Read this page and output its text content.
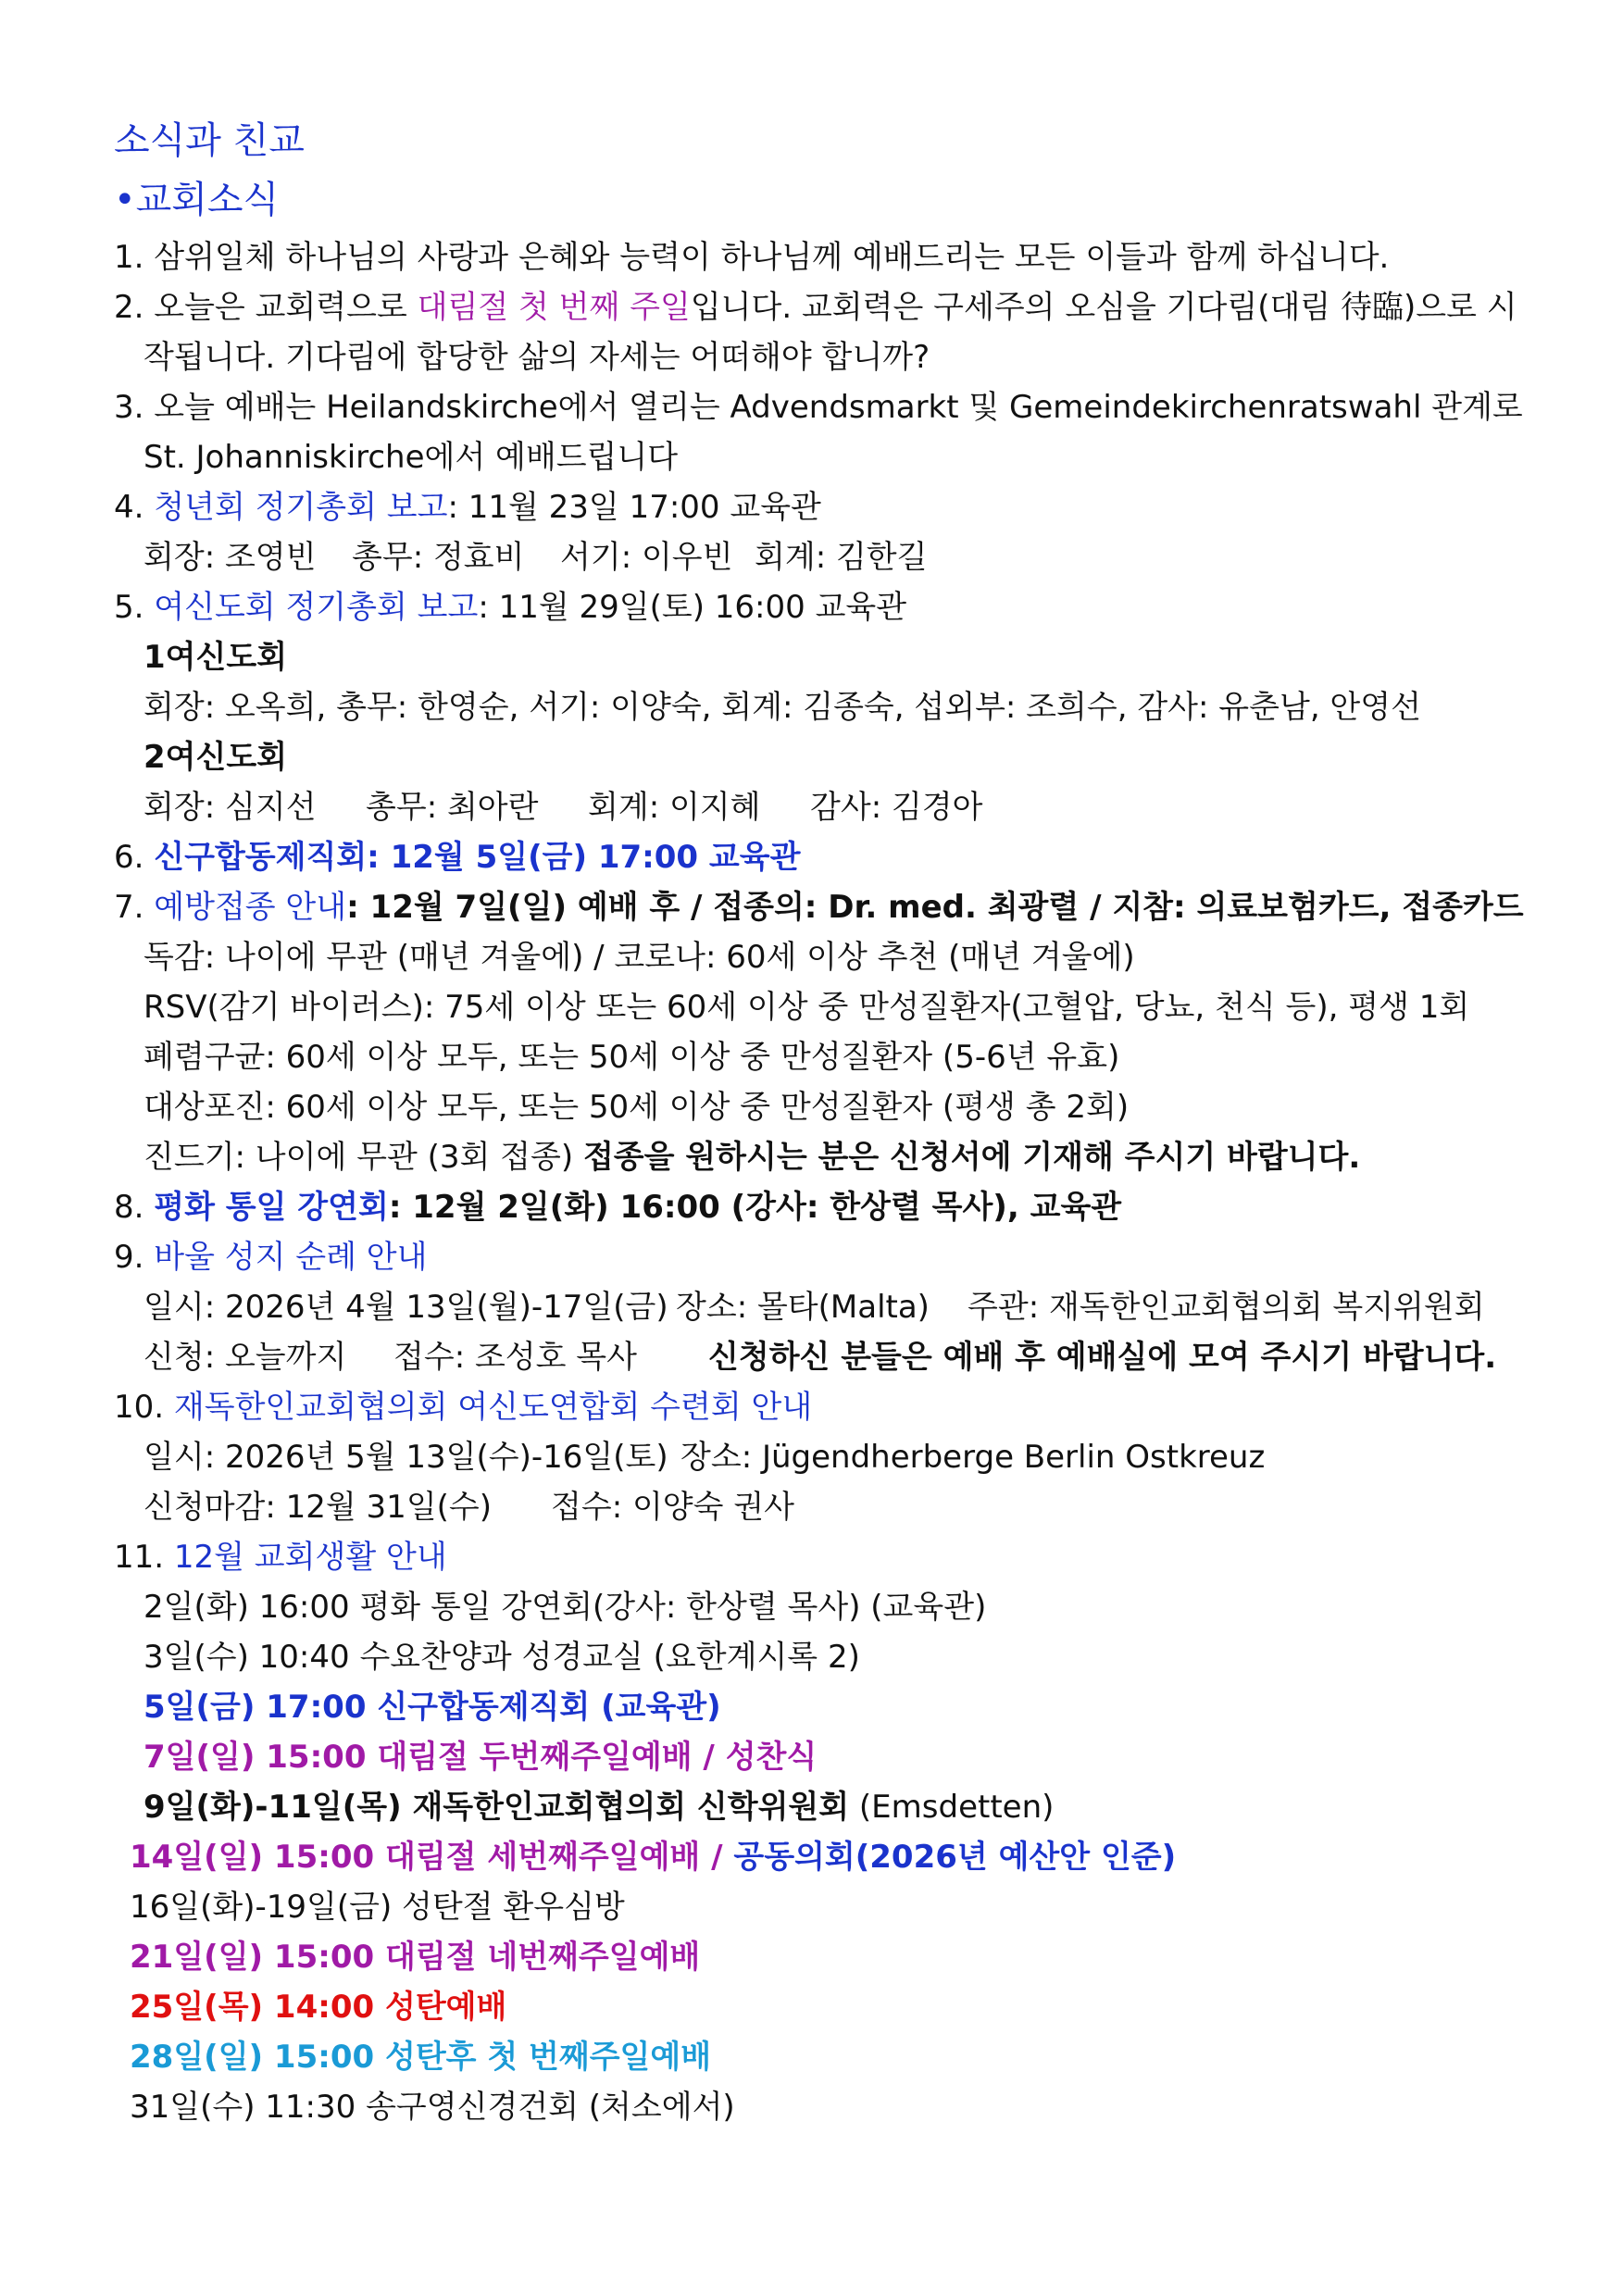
소식과 친교
•교회소식
1. 삼위일체 하나님의 사랑과 은혜와 능력이 하나님께 예배드리는 모든 이들과 함께 하십니다.
2. 오늘은 교회력으로 대림절 첫 번째 주일입니다. 교회력은 구세주의 오심을 기다림(대림 待臨)으로 시
작됩니다. 기다림에 합당한 삶의 자세는 어떠해야 합니까?
3. 오늘 예배는 Heilandskirche에서 열리는 Advendsmarkt 및 Gemeindekirchenratswahl 관계로
St. Johanniskirche에서 예배드립니다
4. 청년회 정기총회 보고: 11월 23일 17:00 교육관
회장: 조영빈 총무: 정효비 서기: 이우빈 회계: 김한길
5. 여신도회 정기총회 보고: 11월 29일(토) 16:00 교육관
1여신도회
회장: 오옥희, 총무: 한영순, 서기: 이양숙, 회계: 김종숙, 섭외부: 조희수, 감사: 유춘남, 안영선
2여신도회
회장: 심지선 총무: 최아란 회계: 이지혜 감사: 김경아
6. 신구합동제직회: 12월 5일(금) 17:00 교육관
7. 예방접종 안내: 12월 7일(일) 예배 후 / 접종의: Dr. med. 최광렬 / 지참: 의료보험카드, 접종카드
독감: 나이에 무관 (매년 겨울에) / 코로나: 60세 이상 추천 (매년 겨울에)
RSV(감기 바이러스): 75세 이상 또는 60세 이상 중 만성질환자(고혈압, 당뇨, 천식 등), 평생 1회
폐렴구균: 60세 이상 모두, 또는 50세 이상 중 만성질환자 (5-6년 유효)
대상포진: 60세 이상 모두, 또는 50세 이상 중 만성질환자 (평생 총 2회)
진드기: 나이에 무관 (3회 접종) 접종을 원하시는 분은 신청서에 기재해 주시기 바랍니다.
8. 평화 통일 강연회: 12월 2일(화) 16:00 (강사: 한상렬 목사), 교육관
9. 바울 성지 순례 안내
일시: 2026년 4월 13일(월)-17일(금) 장소: 몰타(Malta) 주관: 재독한인교회협의회 복지위원회
신청: 오늘까지 접수: 조성호 목사 신청하신 분들은 예배 후 예배실에 모여 주시기 바랍니다.
10. 재독한인교회협의회 여신도연합회 수련회 안내
일시: 2026년 5월 13일(수)-16일(토) 장소: Jügendherberge Berlin Ostkreuz
신청마감: 12월 31일(수) 접수: 이양숙 권사
11. 12월 교회생활 안내
2일(화) 16:00 평화 통일 강연회(강사: 한상렬 목사) (교육관)
3일(수) 10:40 수요찬양과 성경교실 (요한계시록 2)
5일(금) 17:00 신구합동제직회 (교육관)
7일(일) 15:00 대림절 두번째주일예배 / 성찬식
9일(화)-11일(목) 재독한인교회협의회 신학위원회 (Emsdetten)
14일(일) 15:00 대림절 세번째주일예배 / 공동의회(2026년 예산안 인준)
16일(화)-19일(금) 성탄절 환우심방
21일(일) 15:00 대림절 네번째주일예배
25일(목) 14:00 성탄예배
28일(일) 15:00 성탄후 첫 번째주일예배
31일(수) 11:30 송구영신경건회 (처소에서)
